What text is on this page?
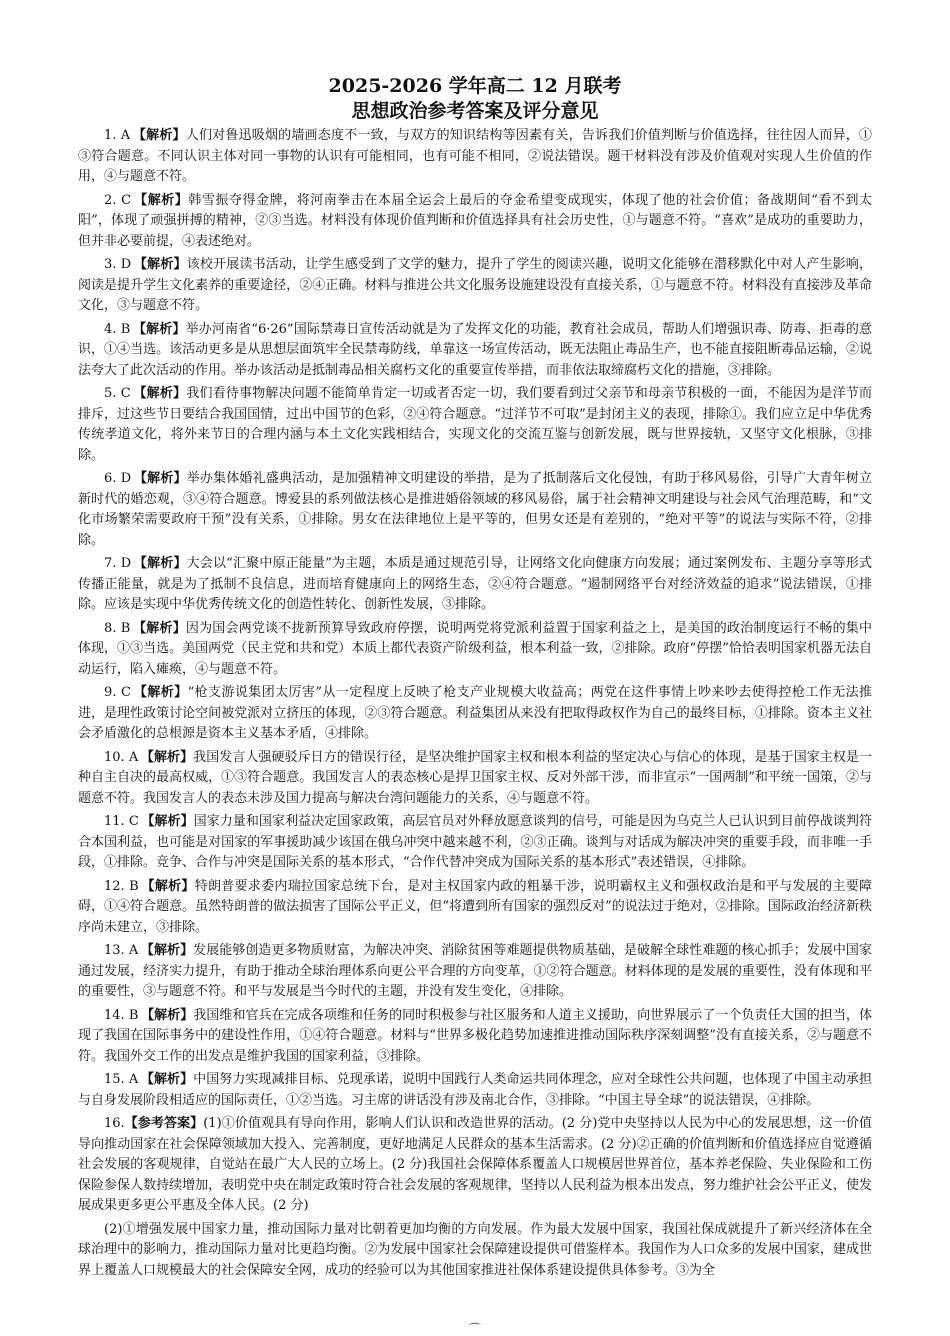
2025-2026 学年高二 12 月联考
思想政治参考答案及评分意见

1. A 【解析】人们对鲁迅吸烟的墙画态度不一致，与双方的知识结构等因素有关，告诉我们价值判断与价值选择，往往因人而异，①③符合题意。不同认识主体对同一事物的认识有可能相同，也有可能不相同，②说法错误。题干材料没有涉及价值观对实现人生价值的作用，④与题意不符。

2. C 【解析】韩雪振夺得金牌，将河南拳击在本届全运会上最后的夺金希望变成现实，体现了他的社会价值；备战期间“看不到太阳”，体现了顽强拼搏的精神，②③当选。材料没有体现价值判断和价值选择具有社会历史性，①与题意不符。“喜欢”是成功的重要助力，但并非必要前提，④表述绝对。

3. D 【解析】该校开展读书活动，让学生感受到了文学的魅力，提升了学生的阅读兴趣，说明文化能够在潜移默化中对人产生影响，阅读是提升学生文化素养的重要途径，②④正确。材料与推进公共文化服务设施建设没有直接关系，①与题意不符。材料没有直接涉及革命文化，③与题意不符。

4. B 【解析】举办河南省“6·26”国际禁毒日宣传活动就是为了发挥文化的功能，教育社会成员，帮助人们增强识毒、防毒、拒毒的意识，①④当选。该活动更多是从思想层面筑牢全民禁毒防线，单靠这一场宣传活动，既无法阻止毒品生产，也不能直接阻断毒品运输，②说法夸大了此次活动的作用。举办该活动是抵制毒品相关腐朽文化的重要宣传举措，而非依法取缔腐朽文化的措施，③排除。

5. C 【解析】我们看待事物解决问题不能简单肯定一切或者否定一切，我们要看到过父亲节和母亲节积极的一面，不能因为是洋节而排斥，过这些节日要结合我国国情，过出中国节的色彩，②④符合题意。“过洋节不可取”是封闭主义的表现，排除①。我们应立足中华优秀传统孝道文化，将外来节日的合理内涵与本土文化实践相结合，实现文化的交流互鉴与创新发展，既与世界接轨，又坚守文化根脉，③排除。

6. D 【解析】举办集体婚礼盛典活动，是加强精神文明建设的举措，是为了抵制落后文化侵蚀，有助于移风易俗，引导广大青年树立新时代的婚恋观，③④符合题意。博爱县的系列做法核心是推进婚俗领域的移风易俗，属于社会精神文明建设与社会风气治理范畴，和“文化市场繁荣需要政府干预”没有关系，①排除。男女在法律地位上是平等的，但男女还是有差别的，“绝对平等”的说法与实际不符，②排除。

7. D 【解析】大会以“汇聚中原正能量”为主题，本质是通过规范引导，让网络文化向健康方向发展；通过案例发布、主题分享等形式传播正能量，就是为了抵制不良信息，进而培育健康向上的网络生态，②④符合题意。“遏制网络平台对经济效益的追求”说法错误，①排除。应该是实现中华优秀传统文化的创造性转化、创新性发展，③排除。

8. B 【解析】因为国会两党谈不拢新预算导致政府停摆，说明两党将党派利益置于国家利益之上，是美国的政治制度运行不畅的集中体现，①③当选。美国两党（民主党和共和党）本质上都代表资产阶级利益，根本利益一致，②排除。政府“停摆”恰恰表明国家机器无法自动运行，陷入瘫痪，④与题意不符。

9. C 【解析】“枪支游说集团太厉害”从一定程度上反映了枪支产业规模大收益高；两党在这件事情上吵来吵去使得控枪工作无法推进，是理性政策讨论空间被党派对立挤压的体现，②③符合题意。利益集团从来没有把取得政权作为自己的最终目标，①排除。资本主义社会矛盾激化的总根源是资本主义基本矛盾，④排除。

10. A 【解析】我国发言人强硬驳斥日方的错误行径，是坚决维护国家主权和根本利益的坚定决心与信心的体现，是基于国家主权是一种自主自决的最高权威，①③符合题意。我国发言人的表态核心是捍卫国家主权、反对外部干涉，而非宣示“一国两制”和平统一国策，②与题意不符。我国发言人的表态未涉及国力提高与解决台湾问题能力的关系，④与题意不符。

11. C 【解析】国家力量和国家利益决定国家政策，高层官员对外释放愿意谈判的信号，可能是因为乌克兰人已认识到目前停战谈判符合本国利益，也可能是对国家的军事援助减少该国在俄乌冲突中越来越不利，②③正确。谈判与对话成为解决冲突的重要手段，而非唯一手段，①排除。竞争、合作与冲突是国际关系的基本形式，“合作代替冲突成为国际关系的基本形式”表述错误，④排除。

12. B 【解析】特朗普要求委内瑞拉国家总统下台，是对主权国家内政的粗暴干涉，说明霸权主义和强权政治是和平与发展的主要障碍，①④符合题意。虽然特朗普的做法损害了国际公平正义，但“将遭到所有国家的强烈反对”的说法过于绝对，②排除。国际政治经济新秩序尚未建立，③排除。

13. A 【解析】发展能够创造更多物质财富，为解决冲突、消除贫困等难题提供物质基础，是破解全球性难题的核心抓手；发展中国家通过发展，经济实力提升，有助于推动全球治理体系向更公平合理的方向变革，①②符合题意。材料体现的是发展的重要性，没有体现和平的重要性，③与题意不符。和平与发展是当今时代的主题，并没有发生变化，④排除。

14. B 【解析】我国维和官兵在完成各项维和任务的同时积极参与社区服务和人道主义援助，向世界展示了一个负责任大国的担当，体现了我国在国际事务中的建设性作用，①④符合题意。材料与“世界多极化趋势加速推进推动国际秩序深刻调整”没有直接关系，②与题意不符。我国外交工作的出发点是维护我国的国家利益，③排除。

15. A 【解析】中国努力实现减排目标、兑现承诺，说明中国践行人类命运共同体理念，应对全球性公共问题，也体现了中国主动承担与自身发展阶段相适应的国际责任，①②当选。习主席的讲话没有涉及南北合作，③排除。“中国主导全球”的说法错误，④排除。

16.【参考答案】(1)①价值观具有导向作用，影响人们认识和改造世界的活动。(2 分)党中央坚持以人民为中心的发展思想，这一价值导向推动国家在社会保障领域加大投入、完善制度，更好地满足人民群众的基本生活需求。(2 分)②正确的价值判断和价值选择应自觉遵循社会发展的客观规律，自觉站在最广大人民的立场上。(2 分)我国社会保障体系覆盖人口规模居世界首位，基本养老保险、失业保险和工伤保险参保人数持续增加，表明党中央在制定政策时符合社会发展的客观规律，坚持以人民利益为根本出发点，努力维护社会公平正义，使发展成果更多更公平惠及全体人民。(2 分)

(2)①增强发展中国家力量，推动国际力量对比朝着更加均衡的方向发展。作为最大发展中国家，我国社保成就提升了新兴经济体在全球治理中的影响力，推动国际力量对比更趋均衡。②为发展中国家社会保障建设提供可借鉴样本。我国作为人口众多的发展中国家，建成世界上覆盖人口规模最大的社会保障安全网，成功的经验可以为其他国家推进社保体系建设提供具体参考。③为全

⌒
